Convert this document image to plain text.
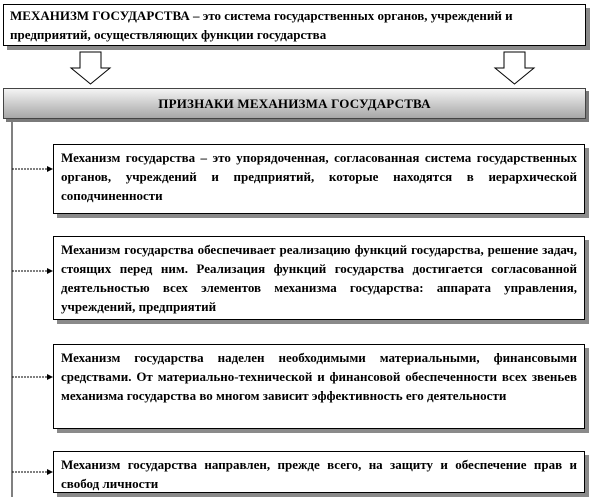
МЕХАНИЗМ ГОСУДАРСТВА – это система государственных органов, учреждений и предприятий, осуществляющих функции государства
ПРИЗНАКИ МЕХАНИЗМА ГОСУДАРСТВА
Механизм государства – это упорядоченная, согласованная система государственных органов, учреждений и предприятий, которые находятся в иерархической соподчиненности
Механизм государства обеспечивает реализацию функций государства, решение задач, стоящих перед ним. Реализация функций государства достигается согласованной деятельностью всех элементов механизма государства: аппарата управления, учреждений, предприятий
Механизм государства наделен необходимыми материальными, финансовыми средствами. От материально-технической и финансовой обеспеченности всех звеньев механизма государства во многом зависит эффективность его деятельности
Механизм государства направлен, прежде всего, на защиту и обеспечение прав и свобод личности
